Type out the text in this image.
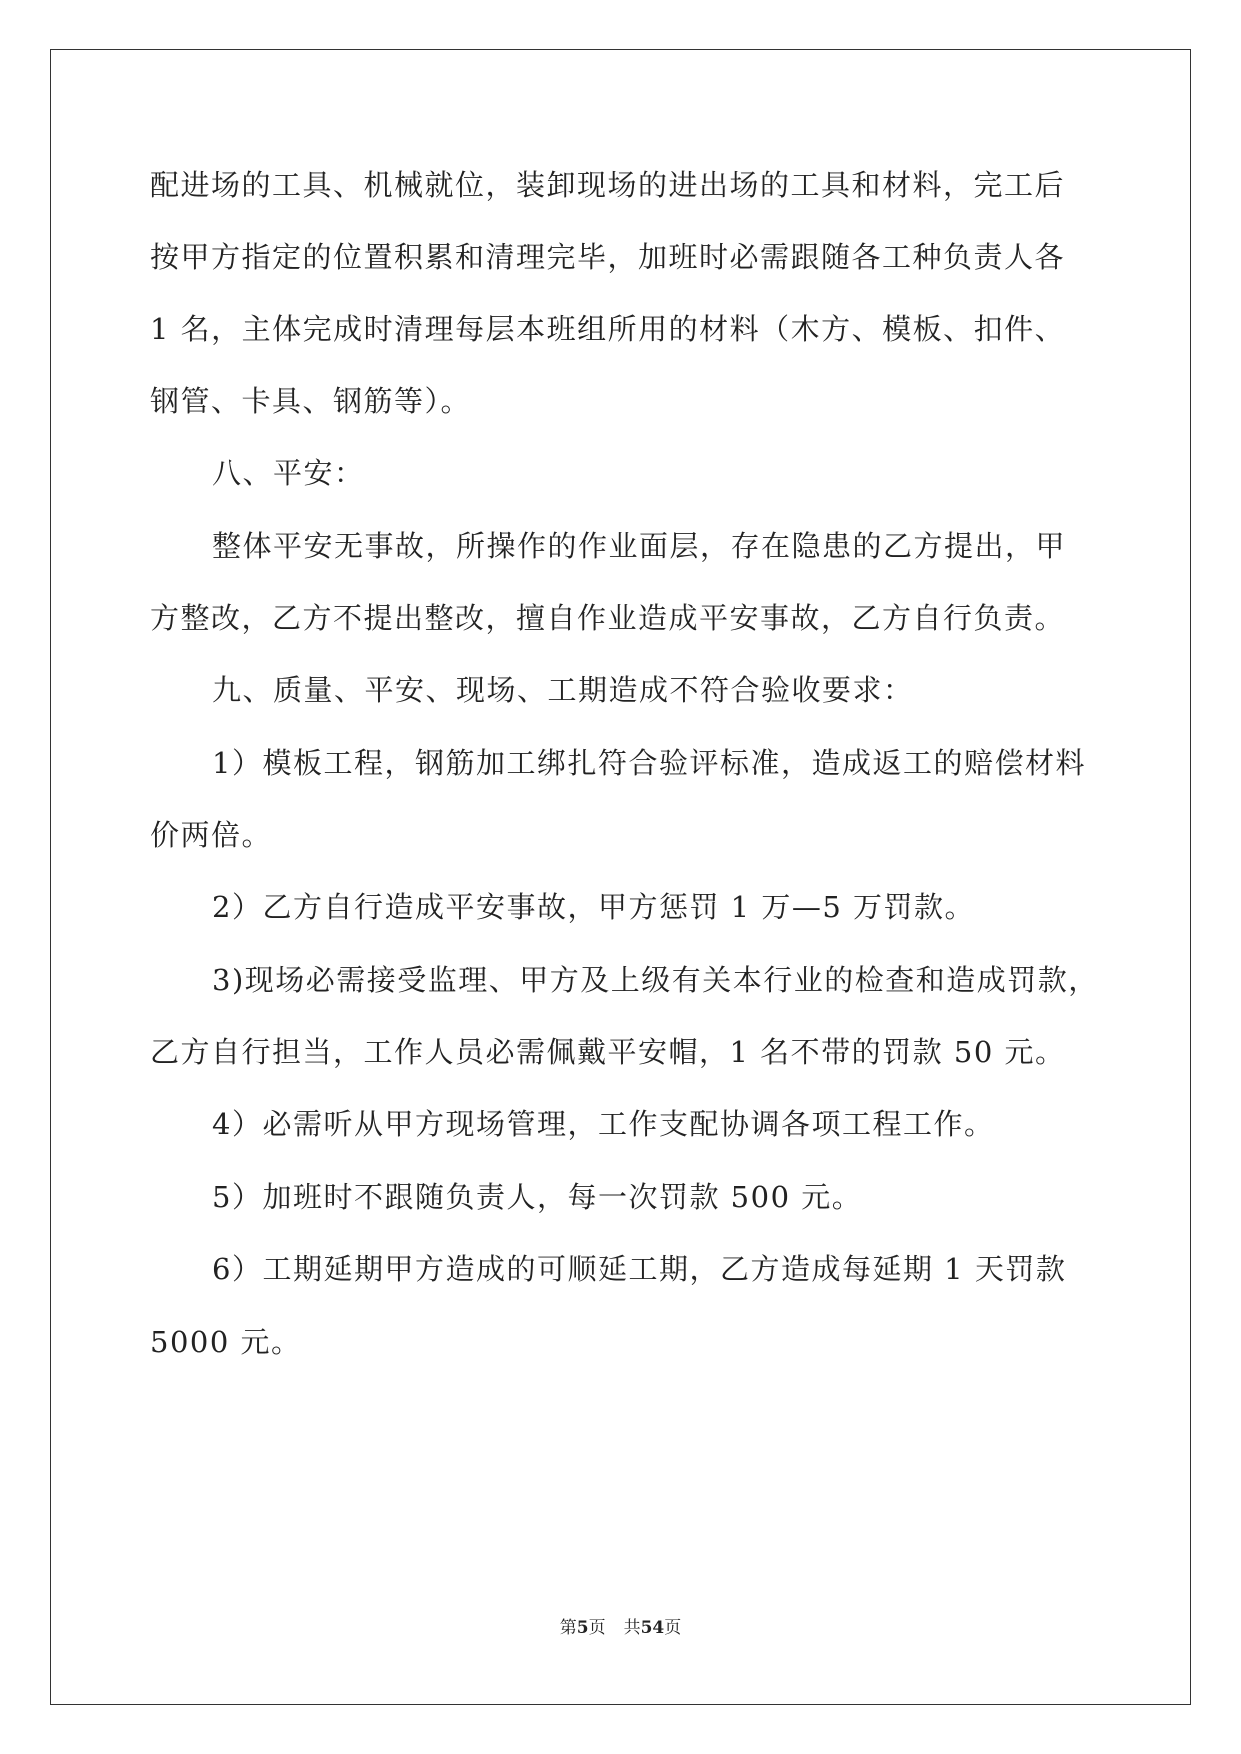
配进场的工具、机械就位，装卸现场的进出场的工具和材料，完工后
按甲方指定的位置积累和清理完毕，加班时必需跟随各工种负责人各
1 名，主体完成时清理每层本班组所用的材料（木方、模板、扣件、
钢管、卡具、钢筋等）。
八、平安：
整体平安无事故，所操作的作业面层，存在隐患的乙方提出，甲
方整改，乙方不提出整改，擅自作业造成平安事故，乙方自行负责。
九、质量、平安、现场、工期造成不符合验收要求：
1）模板工程，钢筋加工绑扎符合验评标准，造成返工的赔偿材料
价两倍。
2）乙方自行造成平安事故，甲方惩罚 1 万—5 万罚款。
3)现场必需接受监理、甲方及上级有关本行业的检查和造成罚款，
乙方自行担当，工作人员必需佩戴平安帽，1 名不带的罚款 50 元。
4）必需听从甲方现场管理，工作支配协调各项工程工作。
5）加班时不跟随负责人，每一次罚款 500 元。
6）工期延期甲方造成的可顺延工期，乙方造成每延期 1 天罚款
5000 元。
第5页 共54页
